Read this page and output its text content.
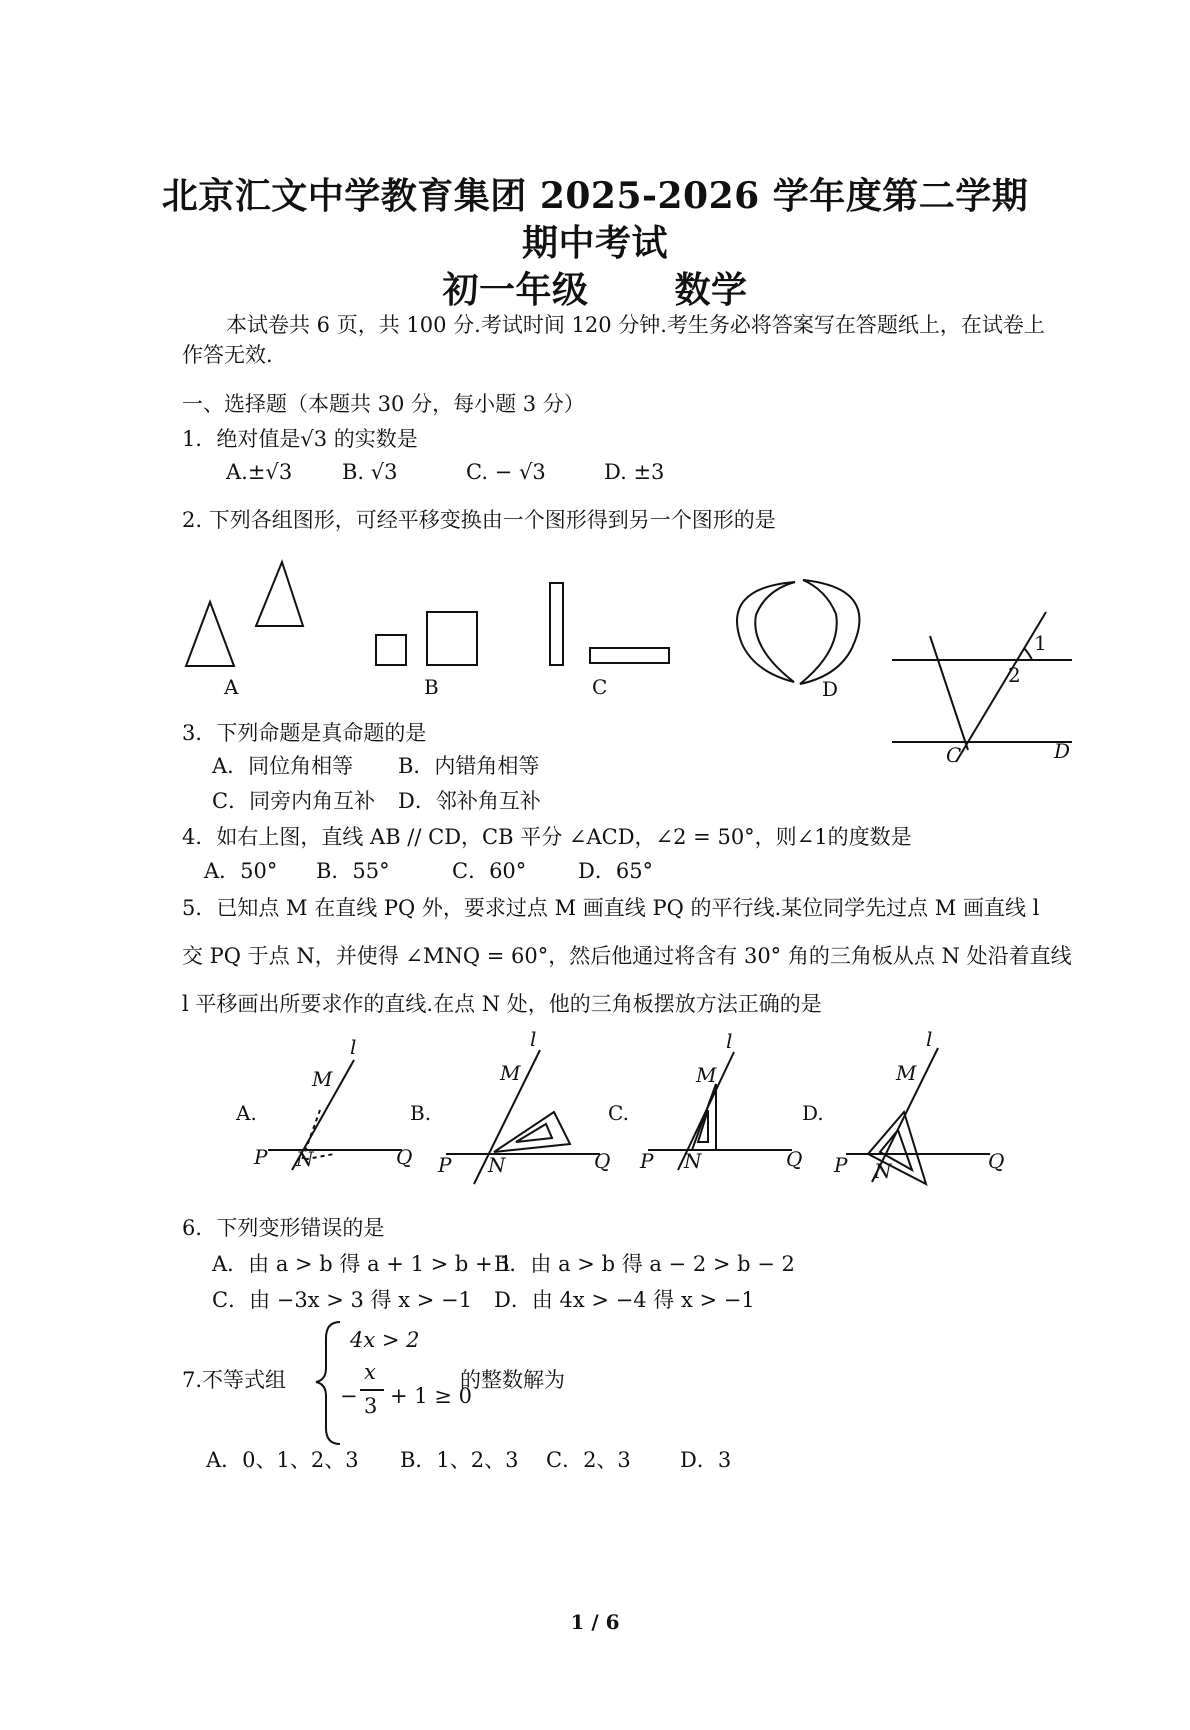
北京汇文中学教育集团 2025-2026 学年度第二学期
期中考试
初一年级 数学
本试卷共 6 页，共 100 分.考试时间 120 分钟.考生务必将答案写在答题纸上，在试卷上作答无效.
一、选择题（本题共 30 分，每小题 3 分）
1．绝对值是√3 的实数是
A.±√3 B. √3	C. − √3	D. ±3
2. 下列各组图形，可经平移变换由一个图形得到另一个图形的是
A	B	C	D
1
2
C	D
3．下列命题是真命题的是
A．同位角相等 B．内错角相等
C．同旁内角互补 D．邻补角互补
4．如右上图，直线 AB // CD，CB 平分 ∠ACD，∠2 = 50°，则∠1的度数是
A．50° B．55°	C．60° D．65°
5．已知点 M 在直线 PQ 外，要求过点 M 画直线 PQ 的平行线.某位同学先过点 M 画直线 l
交 PQ 于点 N，并使得 ∠MNQ = 60°，然后他通过将含有 30° 角的三角板从点 N 处沿着直线
l 平移画出所要求作的直线.在点 N 处，他的三角板摆放方法正确的是
A.
l
M
P N	Q
B.
l
M
P N	Q
C.
l
M
P N	Q
D.
l
M
P N	Q
6．下列变形错误的是
A．由 a > b 得 a + 1 > b + 1
B．由 a > b 得 a − 2 > b − 2
C．由 −3x > 3 得 x > −1 D．由 4x > −4 得 x > −1
7.不等式组
4x > 2
−
x
3 + 1 ≥ 0
的整数解为
A．0、1、2、3 B．1、2、3 C．2、3 D．3
1 / 6
